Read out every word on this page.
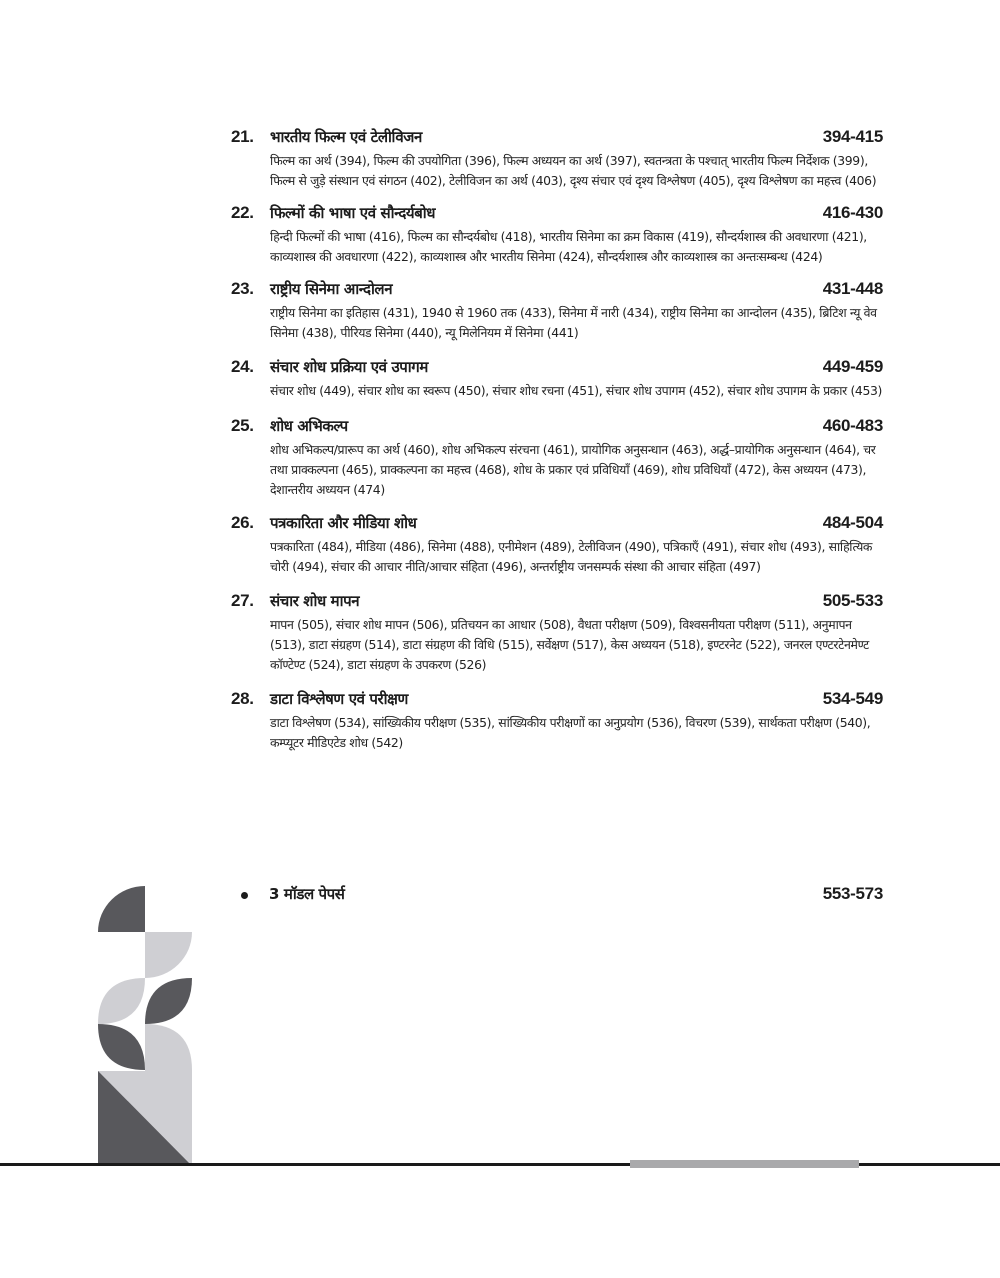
21. भारतीय फिल्म एवं टेलीविजन	394-415
फिल्म का अर्थ (394), फिल्म की उपयोगिता (396), फिल्म अध्ययन का अर्थ (397), स्वतन्त्रता के पश्चात् भारतीय फिल्म निर्देशक (399), फिल्म से जुड़े संस्थान एवं संगठन (402), टेलीविजन का अर्थ (403), दृश्य संचार एवं दृश्य विश्लेषण (405), दृश्य विश्लेषण का महत्त्व (406)
22. फिल्मों की भाषा एवं सौन्दर्यबोध	416-430
हिन्दी फिल्मों की भाषा (416), फिल्म का सौन्दर्यबोध (418), भारतीय सिनेमा का क्रम विकास (419), सौन्दर्यशास्त्र की अवधारणा (421), काव्यशास्त्र की अवधारणा (422), काव्यशास्त्र और भारतीय सिनेमा (424), सौन्दर्यशास्त्र और काव्यशास्त्र का अन्तःसम्बन्ध (424)
23. राष्ट्रीय सिनेमा आन्दोलन	431-448
राष्ट्रीय सिनेमा का इतिहास (431), 1940 से 1960 तक (433), सिनेमा में नारी (434), राष्ट्रीय सिनेमा का आन्दोलन (435), ब्रिटिश न्यू वेव सिनेमा (438), पीरियड सिनेमा (440), न्यू मिलेनियम में सिनेमा (441)
24. संचार शोध प्रक्रिया एवं उपागम	449-459
संचार शोध (449), संचार शोध का स्वरूप (450), संचार शोध रचना (451), संचार शोध उपागम (452), संचार शोध उपागम के प्रकार (453)
25. शोध अभिकल्प	460-483
शोध अभिकल्प/प्रारूप का अर्थ (460), शोध अभिकल्प संरचना (461), प्रायोगिक अनुसन्धान (463), अर्द्ध–प्रायोगिक अनुसन्धान (464), चर तथा प्राक्कल्पना (465), प्राक्कल्पना का महत्त्व (468), शोध के प्रकार एवं प्रविधियाँ (469), शोध प्रविधियाँ (472), केस अध्ययन (473), देशान्तरीय अध्ययन (474)
26. पत्रकारिता और मीडिया शोध	484-504
पत्रकारिता (484), मीडिया (486), सिनेमा (488), एनीमेशन (489), टेलीविजन (490), पत्रिकाएँ (491), संचार शोध (493), साहित्यिक चोरी (494), संचार की आचार नीति/आचार संहिता (496), अन्तर्राष्ट्रीय जनसम्पर्क संस्था की आचार संहिता (497)
27. संचार शोध मापन	505-533
मापन (505), संचार शोध मापन (506), प्रतिचयन का आधार (508), वैधता परीक्षण (509), विश्वसनीयता परीक्षण (511), अनुमापन (513), डाटा संग्रहण (514), डाटा संग्रहण की विधि (515), सर्वेक्षण (517), केस अध्ययन (518), इण्टरनेट (522), जनरल एण्टरटेनमेण्ट कॉण्टेण्ट (524), डाटा संग्रहण के उपकरण (526)
28. डाटा विश्लेषण एवं परीक्षण	534-549
डाटा विश्लेषण (534), सांख्यिकीय परीक्षण (535), सांख्यिकीय परीक्षणों का अनुप्रयोग (536), विचरण (539), सार्थकता परीक्षण (540), कम्प्यूटर मीडिएटेड शोध (542)
3 मॉडल पेपर्स	553-573
